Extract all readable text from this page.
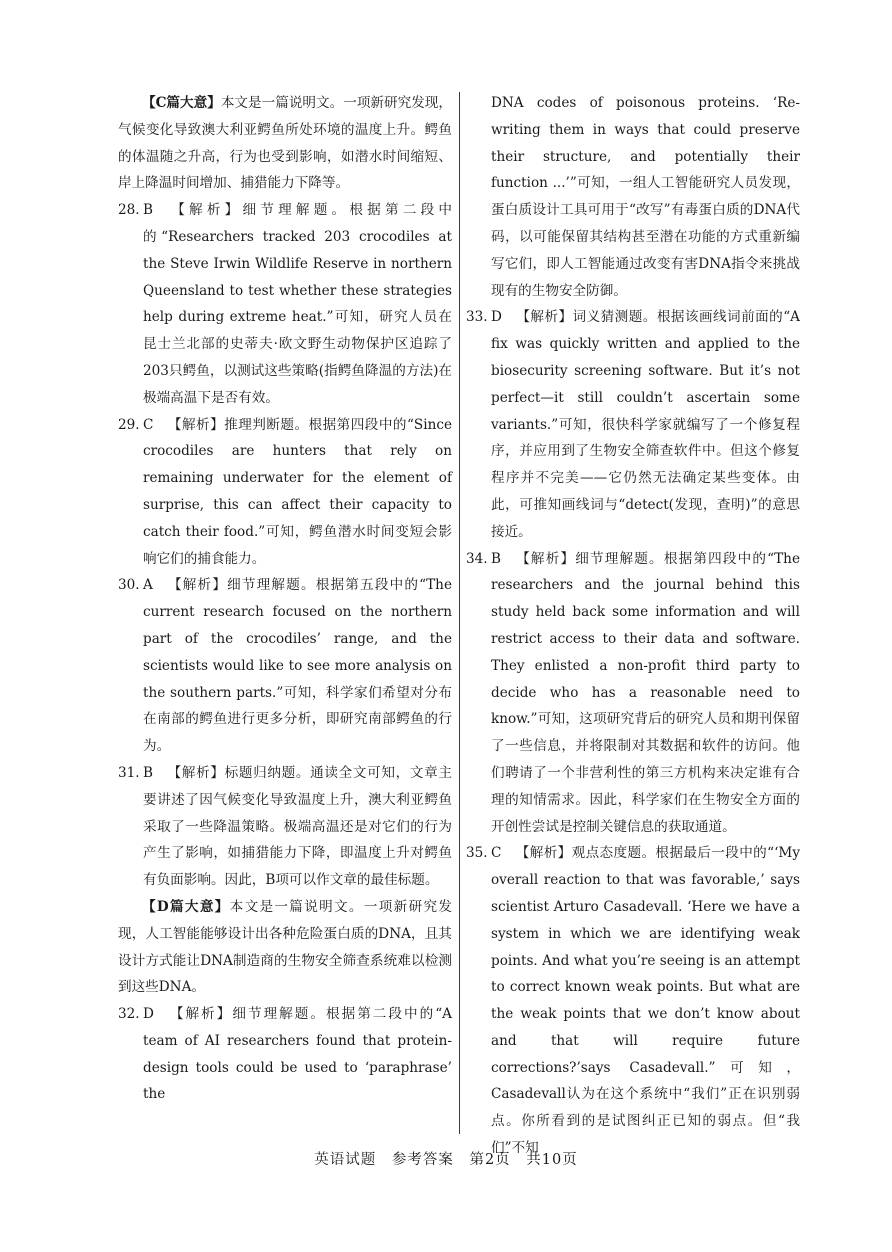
【C篇大意】本文是一篇说明文。一项新研究发现，气候变化导致澳大利亚鳄鱼所处环境的温度上升。鳄鱼的体温随之升高，行为也受到影响，如潜水时间缩短、岸上降温时间增加、捕猎能力下降等。

28. B 【解析】细节理解题。根据第二段中的“Researchers tracked 203 crocodiles at the Steve Irwin Wildlife Reserve in northern Queensland to test whether these strategies help during extreme heat.”可知，研究人员在昆士兰北部的史蒂夫·欧文野生动物保护区追踪了203只鳄鱼，以测试这些策略(指鳄鱼降温的方法)在极端高温下是否有效。

29. C 【解析】推理判断题。根据第四段中的“Since crocodiles are hunters that rely on remaining underwater for the element of surprise, this can affect their capacity to catch their food.”可知，鳄鱼潜水时间变短会影响它们的捕食能力。

30. A 【解析】细节理解题。根据第五段中的“The current research focused on the northern part of the crocodiles’ range, and the scientists would like to see more analysis on the southern parts.”可知，科学家们希望对分布在南部的鳄鱼进行更多分析，即研究南部鳄鱼的行为。

31. B 【解析】标题归纳题。通读全文可知，文章主要讲述了因气候变化导致温度上升，澳大利亚鳄鱼采取了一些降温策略。极端高温还是对它们的行为产生了影响，如捕猎能力下降，即温度上升对鳄鱼有负面影响。因此，B项可以作文章的最佳标题。

【D篇大意】本文是一篇说明文。一项新研究发现，人工智能能够设计出各种危险蛋白质的DNA，且其设计方式能让DNA制造商的生物安全筛查系统难以检测到这些DNA。

32. D 【解析】细节理解题。根据第二段中的“A team of AI researchers found that protein-design tools could be used to ‘paraphrase’ the

DNA codes of poisonous proteins. ‘Re-writing them in ways that could preserve their structure, and potentially their function ...’”可知，一组人工智能研究人员发现，蛋白质设计工具可用于“改写”有毒蛋白质的DNA代码，以可能保留其结构甚至潜在功能的方式重新编写它们，即人工智能通过改变有害DNA指令来挑战现有的生物安全防御。

33. D 【解析】词义猜测题。根据该画线词前面的“A fix was quickly written and applied to the biosecurity screening software. But it’s not perfect—it still couldn’t ascertain some variants.”可知，很快科学家就编写了一个修复程序，并应用到了生物安全筛查软件中。但这个修复程序并不完美——它仍然无法确定某些变体。由此，可推知画线词与“detect(发现，查明)”的意思接近。

34. B 【解析】细节理解题。根据第四段中的“The researchers and the journal behind this study held back some information and will restrict access to their data and software. They enlisted a non-profit third party to decide who has a reasonable need to know.”可知，这项研究背后的研究人员和期刊保留了一些信息，并将限制对其数据和软件的访问。他们聘请了一个非营利性的第三方机构来决定谁有合理的知情需求。因此，科学家们在生物安全方面的开创性尝试是控制关键信息的获取通道。

35. C 【解析】观点态度题。根据最后一段中的“‘My overall reaction to that was favorable,’ says scientist Arturo Casadevall. ‘Here we have a system in which we are identifying weak points. And what you’re seeing is an attempt to correct known weak points. But what are the weak points that we don’t know about and that will require future corrections?’says Casadevall.”可知，Casadevall认为在这个系统中“我们”正在识别弱点。你所看到的是试图纠正已知的弱点。但“我们”不知

英语试题 参考答案 第2页 共10页
